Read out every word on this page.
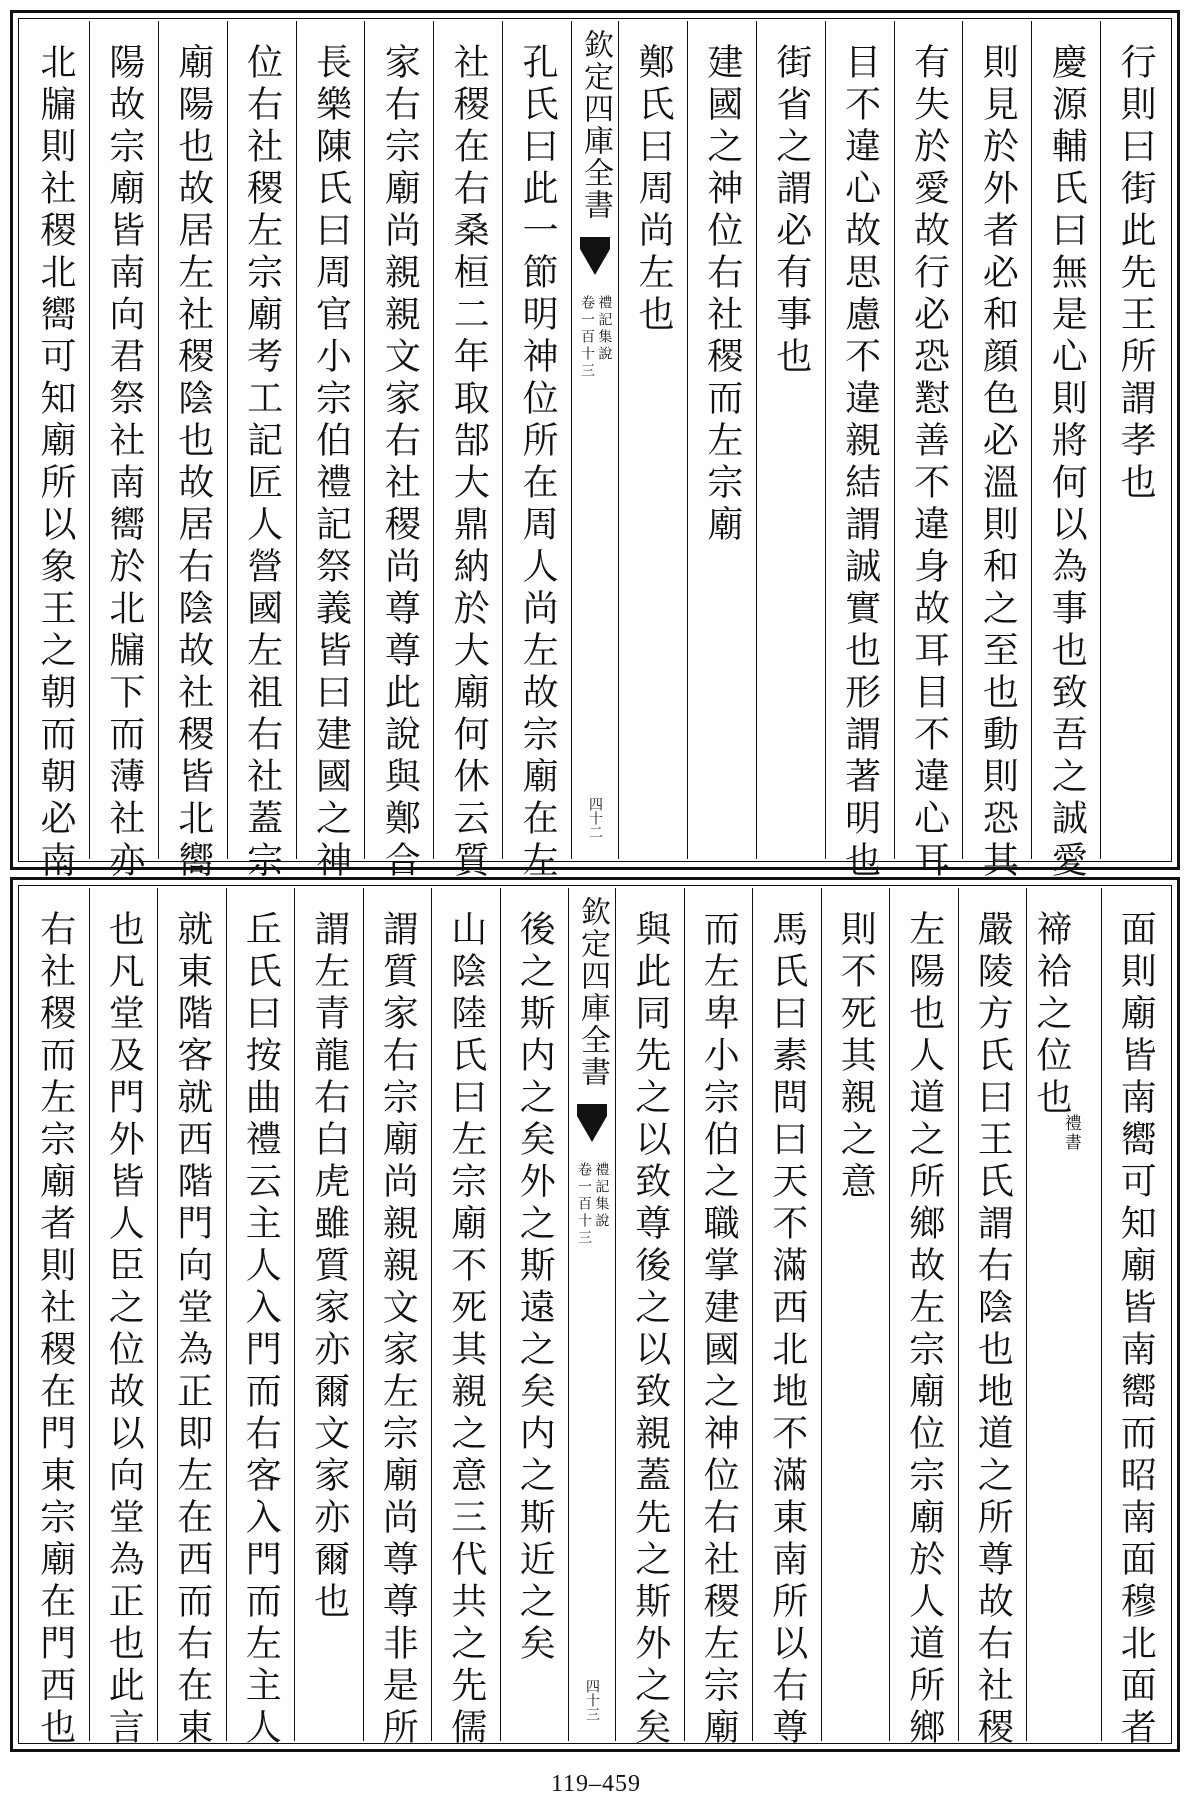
行則曰街此先王所謂孝也
慶源輔氏曰無是心則將何以為事也致吾之誠愛
則見於外者必和顔色必溫則和之至也動則恐其
有失於愛故行必恐懟善不違身故耳目不違心耳
目不違心故思慮不違親結謂誠實也形謂著明也
街省之謂必有事也
建國之神位右社稷而左宗廟
鄭氏曰周尚左也
欽定四庫全書
禮記集說
卷一百十三
四十二
孔氏曰此一節明神位所在周人尚左故宗廟在左
社稷在右桑桓二年取郜大鼎納於大廟何休云質
家右宗廟尚親親文家右社稷尚尊尊此說與鄭合
長樂陳氏曰周官小宗伯禮記祭義皆曰建國之神
位右社稷左宗廟考工記匠人營國左祖右社蓋宗
廟陽也故居左社稷陰也故居右陰故社稷皆北嚮
陽故宗廟皆南向君祭社南嚮於北牖下而薄社亦
北牖則社稷北嚮可知廟所以象王之朝而朝必南
面則廟皆南嚮可知廟皆南嚮而昭南面穆北面者
禘祫之位也
禮書
嚴陵方氏曰王氏謂右陰也地道之所尊故右社稷
左陽也人道之所鄉故左宗廟位宗廟於人道所鄉
則不死其親之意
馬氏曰素問曰天不滿西北地不滿東南所以右尊
而左卑小宗伯之職掌建國之神位右社稷左宗廟
與此同先之以致尊後之以致親蓋先之斯外之矣
欽定四庫全書
禮記集說
卷一百十三
四十三
後之斯内之矣外之斯遠之矣内之斯近之矣
山陰陸氏曰左宗廟不死其親之意三代共之先儒
謂質家右宗廟尚親親文家左宗廟尚尊尊非是所
謂左青龍右白虎雖質家亦爾文家亦爾也
丘氏曰按曲禮云主人入門而右客入門而左主人
就東階客就西階門向堂為正即左在西而右在東
也凡堂及門外皆人臣之位故以向堂為正也此言
右社稷而左宗廟者則社稷在門東宗廟在門西也
119–459
